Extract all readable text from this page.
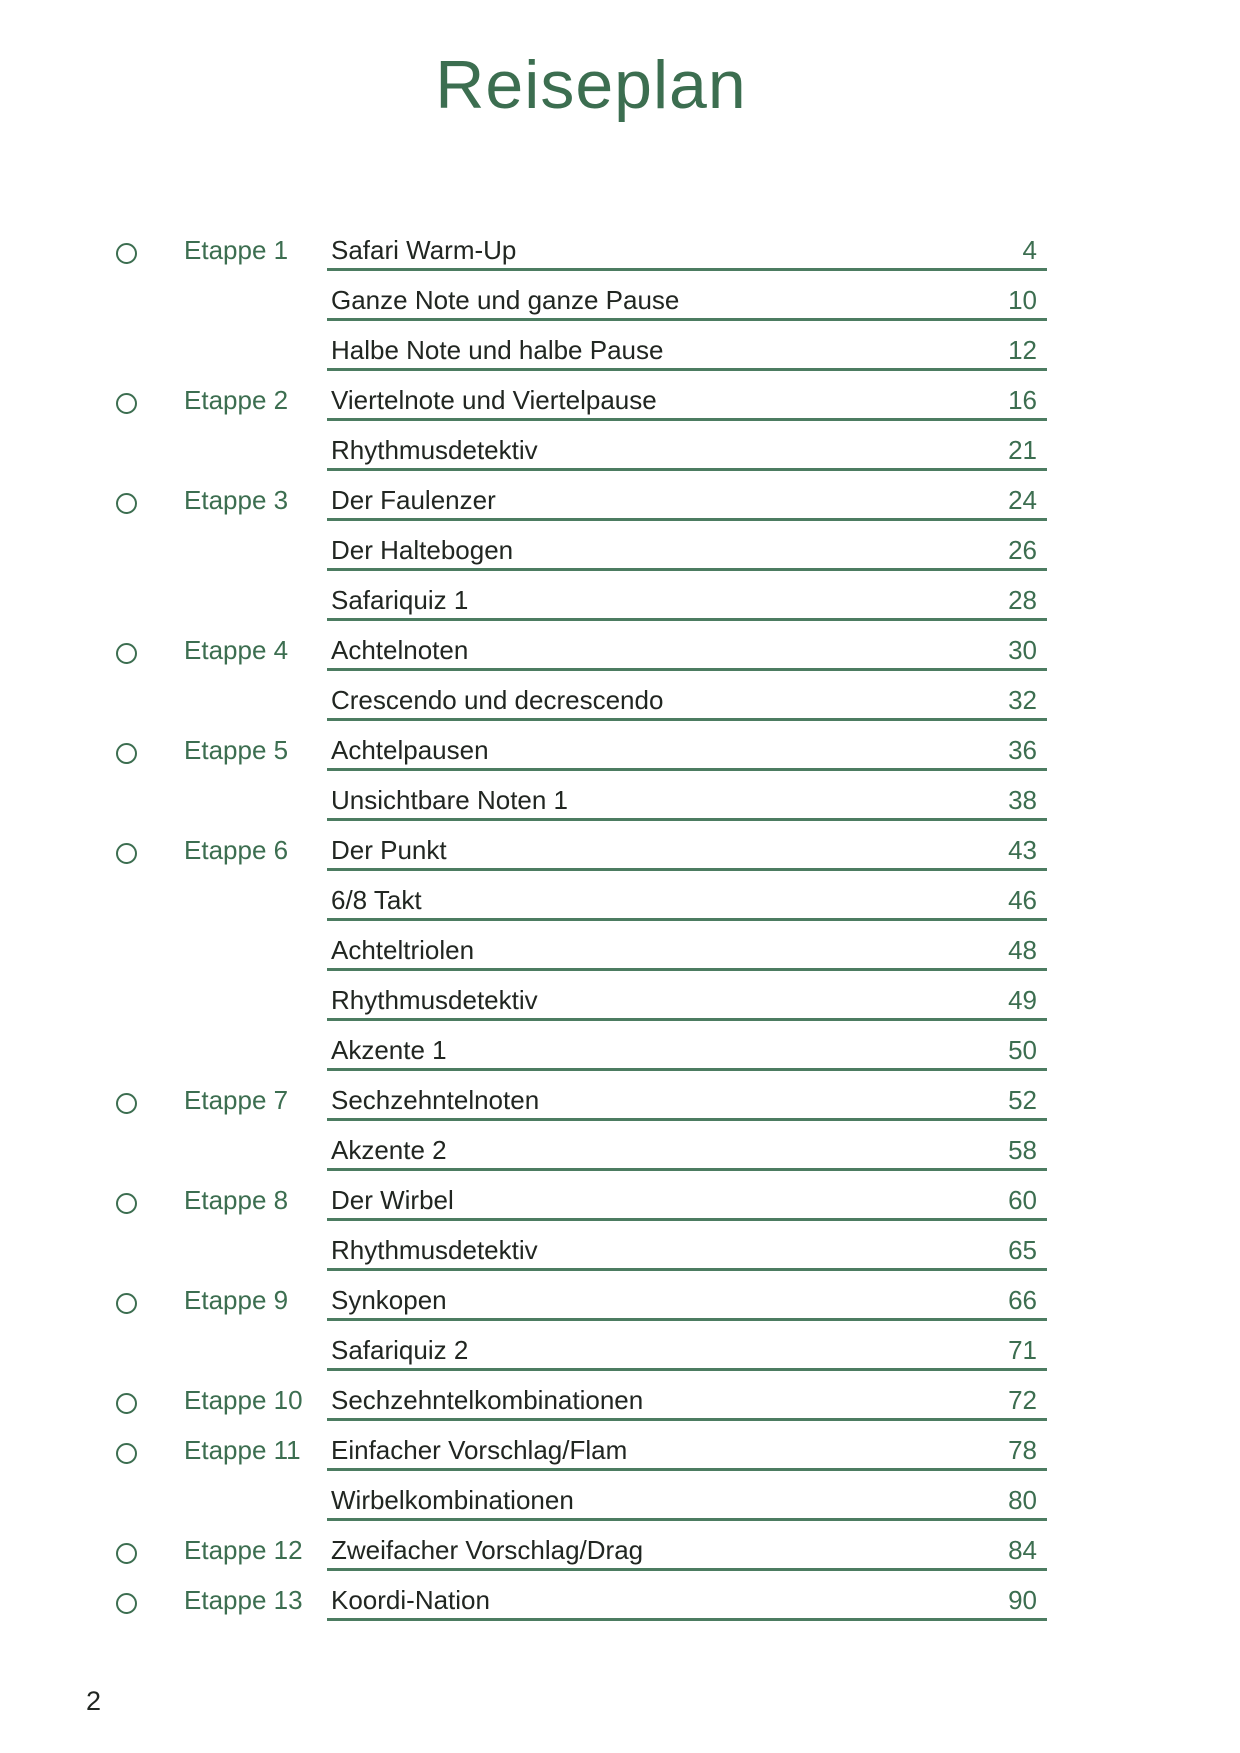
Reiseplan
Etappe 1 Safari Warm-Up	4
Ganze Note und ganze Pause	10
Halbe Note und halbe Pause	12
Etappe 2 Viertelnote und Viertelpause	16
Rhythmusdetektiv	21
Etappe 3 Der Faulenzer	24
Der Haltebogen	26
Safariquiz 1	28
Etappe 4 Achtelnoten	30
Crescendo und decrescendo	32
Etappe 5 Achtelpausen	36
Unsichtbare Noten 1	38
Etappe 6 Der Punkt	43
6/8 Takt	46
Achteltriolen	48
Rhythmusdetektiv	49
Akzente 1	50
Etappe 7 Sechzehntelnoten	52
Akzente 2	58
Etappe 8 Der Wirbel	60
Rhythmusdetektiv	65
Etappe 9 Synkopen	66
Safariquiz 2	71
Etappe 10 Sechzehntelkombinationen	72
Etappe 11 Einfacher Vorschlag/Flam	78
Wirbelkombinationen	80
Etappe 12 Zweifacher Vorschlag/Drag	84
Etappe 13 Koordi-Nation	90
2
